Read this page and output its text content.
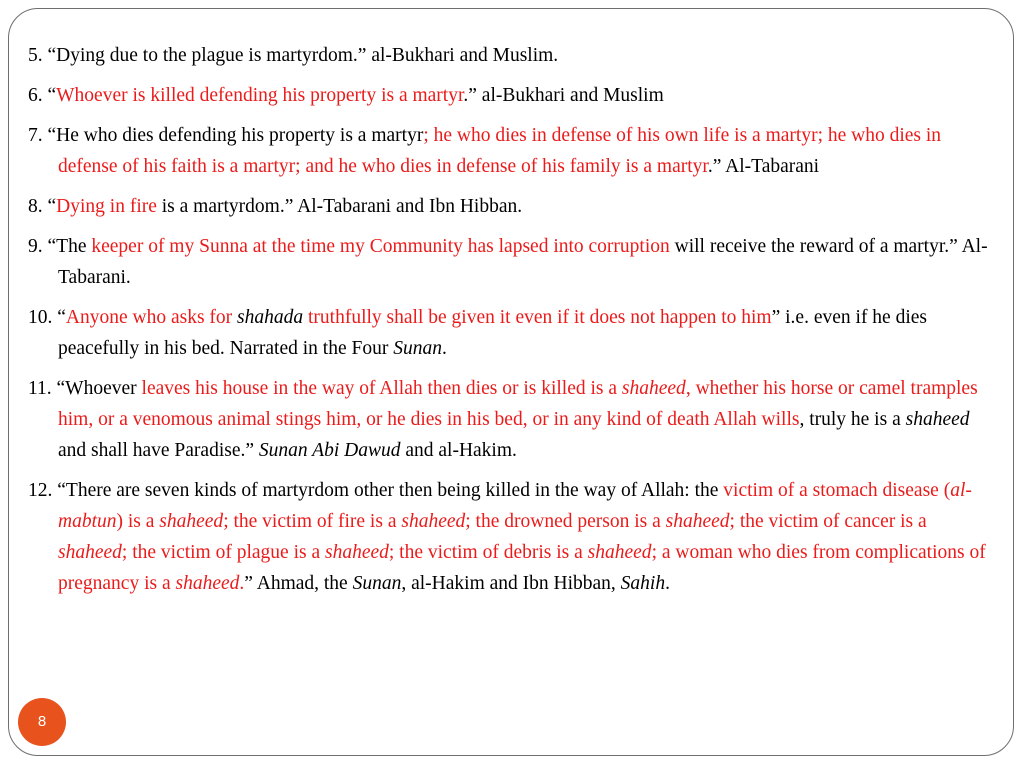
5. “Dying due to the plague is martyrdom.” al-Bukhari and Muslim.
6. “Whoever is killed defending his property is a martyr.” al-Bukhari and Muslim
7. “He who dies defending his property is a martyr; he who dies in defense of his own life is a martyr; he who dies in defense of his faith is a martyr; and he who dies in defense of his family is a martyr.” Al-Tabarani
8. “Dying in fire is a martyrdom.” Al-Tabarani and Ibn Hibban.
9. “The keeper of my Sunna at the time my Community has lapsed into corruption will receive the reward of a martyr.” Al-Tabarani.
10. “Anyone who asks for shahada truthfully shall be given it even if it does not happen to him” i.e. even if he dies peacefully in his bed. Narrated in the Four Sunan.
11. “Whoever leaves his house in the way of Allah then dies or is killed is a shaheed, whether his horse or camel tramples him, or a venomous animal stings him, or he dies in his bed, or in any kind of death Allah wills, truly he is a shaheed and shall have Paradise.” Sunan Abi Dawud and al-Hakim.
12. “There are seven kinds of martyrdom other then being killed in the way of Allah: the victim of a stomach disease (al-mabtun) is a shaheed; the victim of fire is a shaheed; the drowned person is a shaheed; the victim of cancer is a shaheed; the victim of plague is a shaheed; the victim of debris is a shaheed; a woman who dies from complications of pregnancy is a shaheed.” Ahmad, the Sunan, al-Hakim and Ibn Hibban, Sahih.
8
